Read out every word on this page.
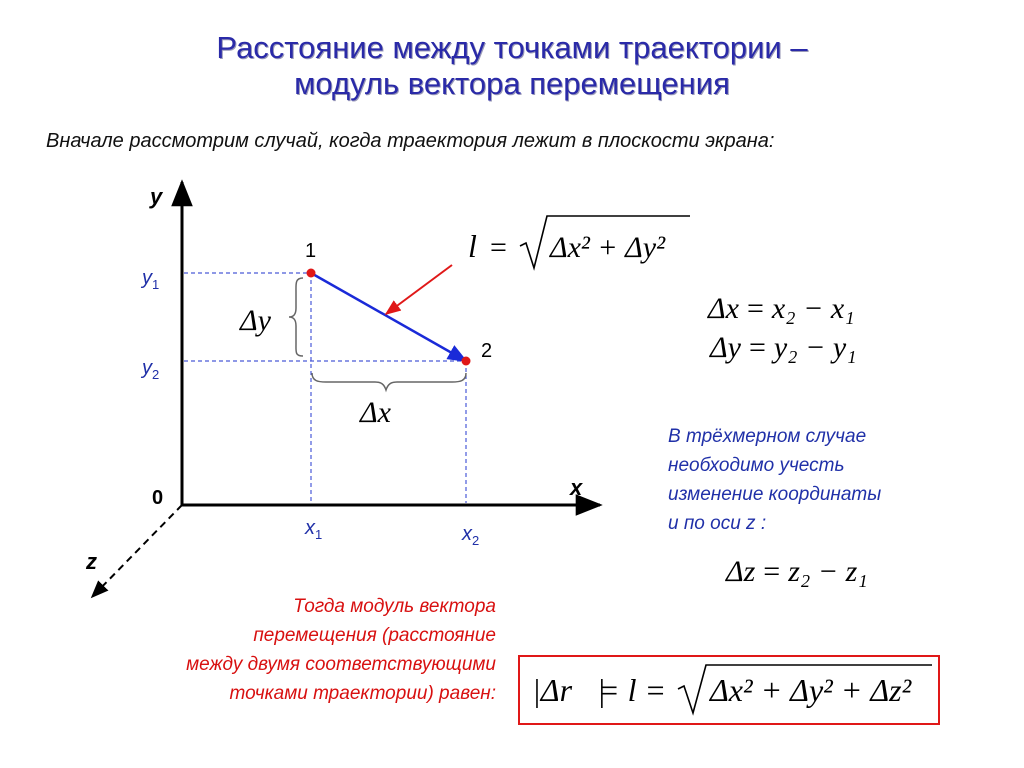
Расстояние между точками траектории –
модуль вектора перемещения
Вначале рассмотрим случай, когда траектория лежит в плоскости экрана:
y
x
z
0
1
2
$y_1$
$y_2$
$x_1$	$x_2$
Δy
Δx
l = Δx² + Δy²
Δx = x₂ − x₁
Δy = y₂ − y₁
Δz = z₂ − z₁
В трёхмерном случае
необходимо учесть
изменение координаты
и по оси z :
Тогда модуль вектора
перемещения (расстояние
между двумя соответствующими
точками траектории) равен: |Δr⃗|
= l = Δx² + Δy² + Δz²
